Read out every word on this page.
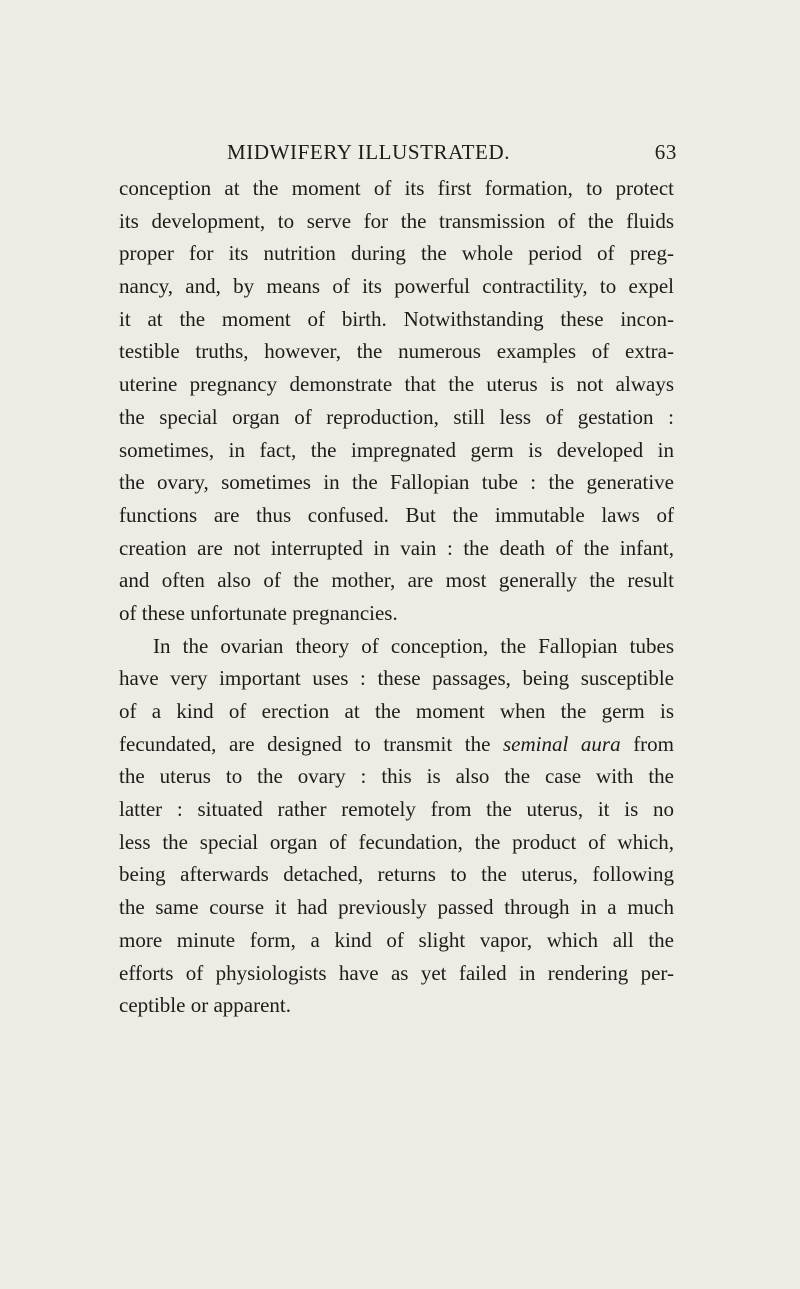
MIDWIFERY ILLUSTRATED.	63
conception at the moment of its first formation, to protect
its development, to serve for the transmission of the fluids
proper for its nutrition during the whole period of preg-
nancy, and, by means of its powerful contractility, to expel
it at the moment of birth. Notwithstanding these incon-
testible truths, however, the numerous examples of extra-
uterine pregnancy demonstrate that the uterus is not always
the special organ of reproduction, still less of gestation :
sometimes, in fact, the impregnated germ is developed in
the ovary, sometimes in the Fallopian tube : the generative
functions are thus confused. But the immutable laws of
creation are not interrupted in vain : the death of the infant,
and often also of the mother, are most generally the result
of these unfortunate pregnancies.
In the ovarian theory of conception, the Fallopian tubes
have very important uses : these passages, being susceptible
of a kind of erection at the moment when the germ is
fecundated, are designed to transmit the seminal aura from
the uterus to the ovary : this is also the case with the
latter : situated rather remotely from the uterus, it is no
less the special organ of fecundation, the product of which,
being afterwards detached, returns to the uterus, following
the same course it had previously passed through in a much
more minute form, a kind of slight vapor, which all the
efforts of physiologists have as yet failed in rendering per-
ceptible or apparent.
